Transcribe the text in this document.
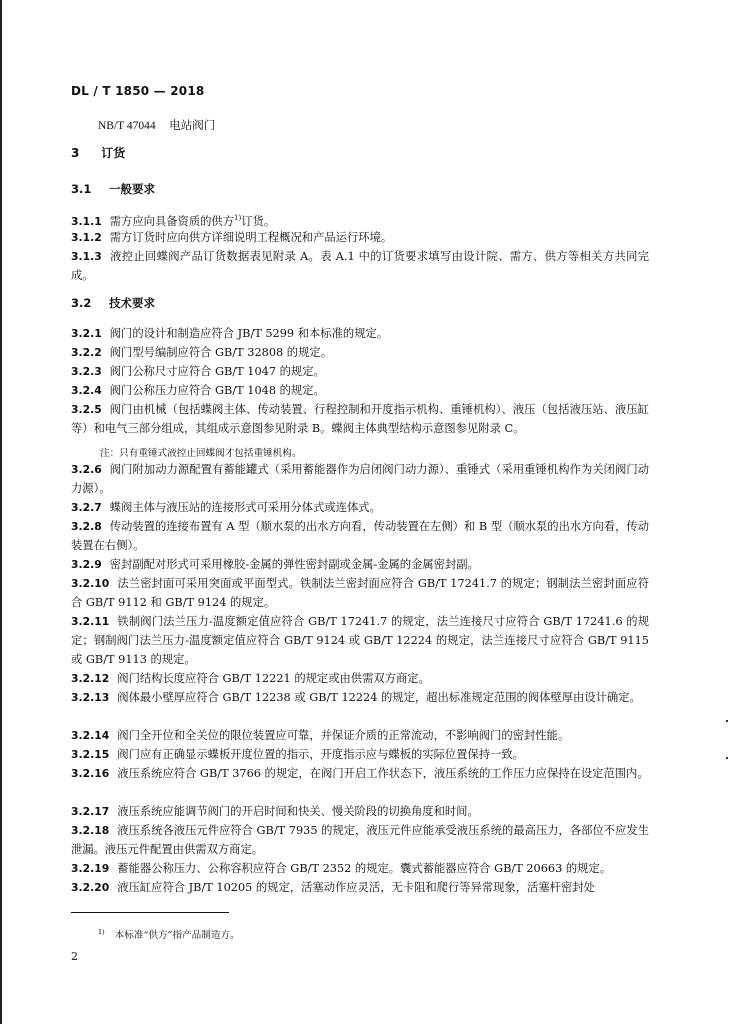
DL / T 1850 — 2018
NB/T 47044 电站阀门
3 订货
3.1 一般要求
3.1.1 需方应向具备资质的供方$^{1)}$订货。
3.1.2 需方订货时应向供方详细说明工程概况和产品运行环境。
3.1.3 液控止回蝶阀产品订货数据表见附录 A。表 A.1 中的订货要求填写由设计院、需方、供方等相关方共同完成。
3.2 技术要求
3.2.1 阀门的设计和制造应符合 JB/T 5299 和本标准的规定。
3.2.2 阀门型号编制应符合 GB/T 32808 的规定。
3.2.3 阀门公称尺寸应符合 GB/T 1047 的规定。
3.2.4 阀门公称压力应符合 GB/T 1048 的规定。
3.2.5 阀门由机械（包括蝶阀主体、传动装置、行程控制和开度指示机构、重锤机构）、液压（包括液压站、液压缸等）和电气三部分组成，其组成示意图参见附录 B。蝶阀主体典型结构示意图参见附录 C。
注：只有重锤式液控止回蝶阀才包括重锤机构。
3.2.6 阀门附加动力源配置有蓄能罐式（采用蓄能器作为启闭阀门动力源）、重锤式（采用重锤机构作为关闭阀门动力源）。
3.2.7 蝶阀主体与液压站的连接形式可采用分体式或连体式。
3.2.8 传动装置的连接布置有 A 型（顺水泵的出水方向看，传动装置在左侧）和 B 型（顺水泵的出水方向看，传动装置在右侧）。
3.2.9 密封副配对形式可采用橡胶-金属的弹性密封副或金属-金属的金属密封副。
3.2.10 法兰密封面可采用突面或平面型式。铁制法兰密封面应符合 GB/T 17241.7 的规定；钢制法兰密封面应符合 GB/T 9112 和 GB/T 9124 的规定。
3.2.11 铁制阀门法兰压力-温度额定值应符合 GB/T 17241.7 的规定，法兰连接尺寸应符合 GB/T 17241.6 的规定；钢制阀门法兰压力-温度额定值应符合 GB/T 9124 或 GB/T 12224 的规定，法兰连接尺寸应符合 GB/T 9115　或 GB/T 9113 的规定。
3.2.12 阀门结构长度应符合 GB/T 12221 的规定或由供需双方商定。
3.2.13 阀体最小壁厚应符合 GB/T 12238 或 GB/T 12224 的规定，超出标准规定范围的阀体壁厚由设计确定。
3.2.14 阀门全开位和全关位的限位装置应可靠，并保证介质的正常流动，不影响阀门的密封性能。
3.2.15 阀门应有正确显示蝶板开度位置的指示，开度指示应与蝶板的实际位置保持一致。
3.2.16 液压系统应符合 GB/T 3766 的规定，在阀门开启工作状态下，液压系统的工作压力应保持在设定范围内。
3.2.17 液压系统应能调节阀门的开启时间和快关、慢关阶段的切换角度和时间。
3.2.18 液压系统各液压元件应符合 GB/T 7935 的规定，液压元件应能承受液压系统的最高压力，各部位不应发生泄漏。液压元件配置由供需双方商定。
3.2.19 蓄能器公称压力、公称容积应符合 GB/T 2352 的规定。囊式蓄能器应符合 GB/T 20663 的规定。
3.2.20 液压缸应符合 JB/T 10205 的规定，活塞动作应灵活，无卡阻和爬行等异常现象，活塞杆密封处
$^{1)}$ 本标准“供方”指产品制造方。
2
